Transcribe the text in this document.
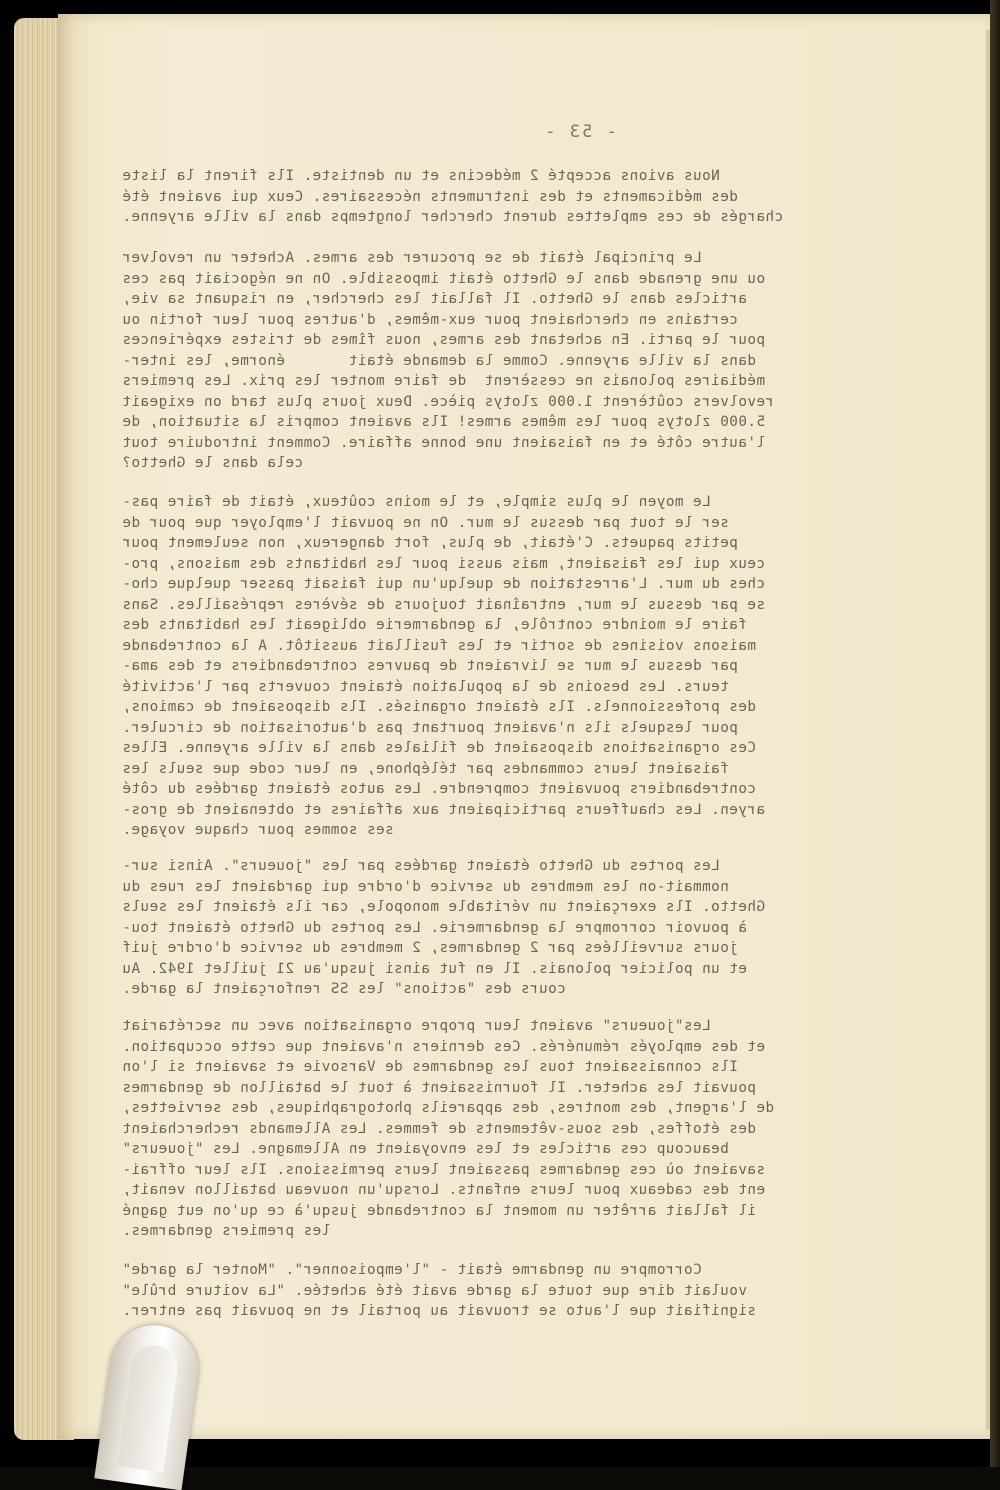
- 53 -
Nous avions accepté 2 médecins et un dentiste. Ils firent la liste
des médicaments et des instruments nécessaires. Ceux qui avaient été
chargés de ces emplettes durent chercher longtemps dans la ville aryenne.
Le principal était de se procurer des armes. Acheter un revolver
ou une grenade dans le Ghetto était impossible. On ne négociait pas ces
articles dans le Ghetto. Il fallait les chercher, en risquant sa vie,
certains en cherchaient pour eux-mêmes, d'autres pour leur fortin ou
pour le parti. En achetant des armes, nous fîmes de tristes expériences
dans la ville aryenne. Comme la demande était       énorme, les inter-
médiaires polonais ne cessèrent  de faire monter les prix. Les premiers
revolvers coûtèrent 1.000 zlotys pièce. Deux jours plus tard on exigeait
5.000 zlotys pour les mêmes armes! Ils avaient compris la situation, de
l'autre côté et en faisaient une bonne affaire. Comment introduire tout
cela dans le Ghetto?
Le moyen le plus simple, et le moins coûteux, était de faire pas-
ser le tout par dessus le mur. On ne pouvait l'employer que pour de
petits paquets. C'était, de plus, fort dangereux, non seulement pour
ceux qui les faisaient, mais aussi pour les habitants des maisons, pro-
ches du mur. L'arrestation de quelqu'un qui faisait passer quelque cho-
se par dessus le mur, entraînait toujours de sévères représailles. Sans
faire le moindre contrôle, la gendarmerie obligeait les habitants des
maisons voisines de sortir et les fusillait aussitôt. A la contrebande
par dessus le mur se livraient de pauvres contrebandiers et des ama-
teurs. Les besoins de la population étaient couverts par l'activité
des professionnels. Ils étaient organisés. Ils disposaient de camions,
pour lesquels ils n'avaient pourtant pas d'autorisation de circuler.
Ces organisations disposaient de filiales dans la ville aryenne. Elles
faisaient leurs commandes par téléphone, en leur code que seuls les
contrebandiers pouvaient comprendre. Les autos étaient gardées du côté
aryen. Les chauffeurs participaient aux affaires et obtenaient de gros-
ses sommes pour chaque voyage.
Les portes du Ghetto étaient gardées par les "joueurs". Ainsi sur-
nommait-on les membres du service d'ordre qui gardaient les rues du
Ghetto. Ils exerçaient un véritable monopole, car ils étaient les seuls
à pouvoir corrompre la gendarmerie. Les portes du Ghetto étaient tou-
jours surveillées par 2 gendarmes, 2 membres du service d'ordre juif
et un policier polonais. Il en fut ainsi jusqu'au 21 juillet 1942. Au
cours des "actions" les SS renforçaient la garde.
Les"joueurs" avaient leur propre organisation avec un secrétariat
et des employés rémunérés. Ces derniers n'avaient que cette occupation.
Ils connaissaient tous les gendarmes de Varsovie et savaient si l'on
pouvait les acheter. Il fournissaient à tout le bataillon de gendarmes
de l'argent, des montres, des appareils photographiques, des serviettes,
des étoffes, des sous-vêtements de femmes. Les Allemands recherchaient
beaucoup ces articles et les envoyaient en Allemagne. Les "joueurs"
savaient où ces gendarmes passaient leurs permissions. Ils leur offrai-
ent des cadeaux pour leurs enfants. Lorsqu'un nouveau bataillon venait,
il fallait arrêter un moment la contrebande jusqu'à ce qu'on eut gagné
les premiers gendarmes.
Corrompre un gendarme était - "l'empoisonner". "Monter la garde"
voulait dire que toute la garde avait été achetée. "La voiture brûle"
signifiait que l'auto se trouvait au portail et ne pouvait pas entrer.
